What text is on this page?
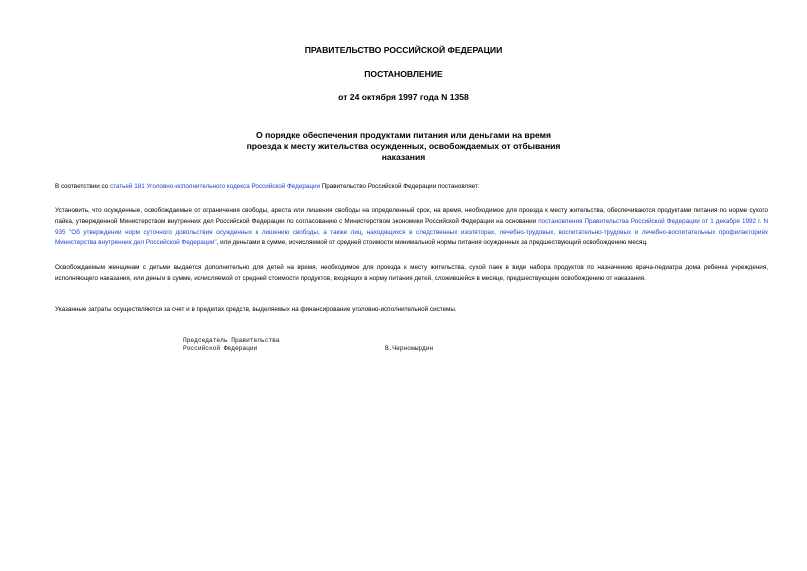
ПРАВИТЕЛЬСТВО РОССИЙСКОЙ ФЕДЕРАЦИИ
ПОСТАНОВЛЕНИЕ
от 24 октября 1997 года N 1358
О порядке обеспечения продуктами питания или деньгами на время
проезда к месту жительства осужденных, освобождаемых от отбывания
наказания

В соответствии со статьей 181 Уголовно-исполнительного кодекса Российской Федерации Правительство Российской Федерации постановляет:

Установить, что осужденные, освобождаемые от ограничения свободы, ареста или лишения свободы на определенный срок, на время, необходимое для проезда к месту жительства, обеспечиваются продуктами питания по норме сухого пайка, утвержденной Министерством внутренних дел Российской Федерации по согласованию с Министерством экономики Российской Федерации на основании постановления Правительства Российской Федерации от 1 декабря 1992 г. N 935 "Об утверждении норм суточного довольствия осужденных к лишению свободы, а также лиц, находящихся в следственных изоляторах, лечебно-трудовых, воспитательно-трудовых и лечебно-воспитательных профилакториях Министерства внутренних дел Российской Федерации", или деньгами в сумме, исчисляемой от средней стоимости минимальной нормы питания осужденных за предшествующий освобождению месяц.

Освобождаемым женщинам с детьми выдается дополнительно для детей на время, необходимое для проезда к месту жительства, сухой паек в виде набора продуктов по назначению врача-педиатра дома ребенка учреждения, исполняющего наказания, или деньги в сумме, исчисляемой от средней стоимости продуктов, входящих в норму питания детей, сложившейся в месяце, предшествующем освобождению от наказания.

Указанные затраты осуществляются за счет и в пределах средств, выделяемых на финансирование уголовно-исполнительной системы.

Председатель Правительства
Российской Федерации	В.Черномырдин
